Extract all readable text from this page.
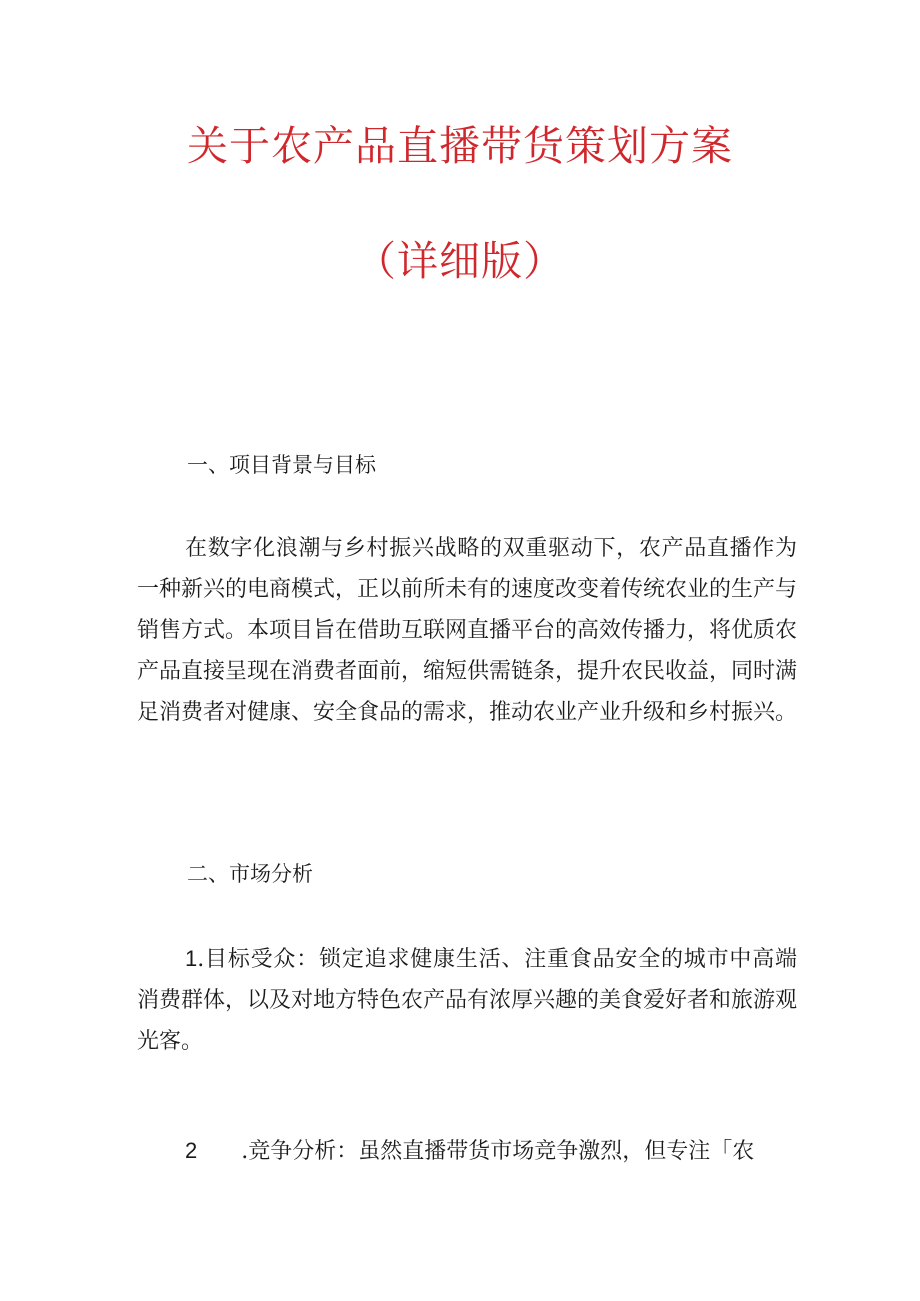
关于农产品直播带货策划方案
（详细版）
一、项目背景与目标

在数字化浪潮与乡村振兴战略的双重驱动下，农产品直播作为一种新兴的电商模式，正以前所未有的速度改变着传统农业的生产与销售方式。本项目旨在借助互联网直播平台的高效传播力，将优质农产品直接呈现在消费者面前，缩短供需链条，提升农民收益，同时满足消费者对健康、安全食品的需求，推动农业产业升级和乡村振兴。

二、市场分析

1.目标受众：锁定追求健康生活、注重食品安全的城市中高端消费群体，以及对地方特色农产品有浓厚兴趣的美食爱好者和旅游观光客。

2 .竞争分析：虽然直播带货市场竞争激烈，但专注「农
